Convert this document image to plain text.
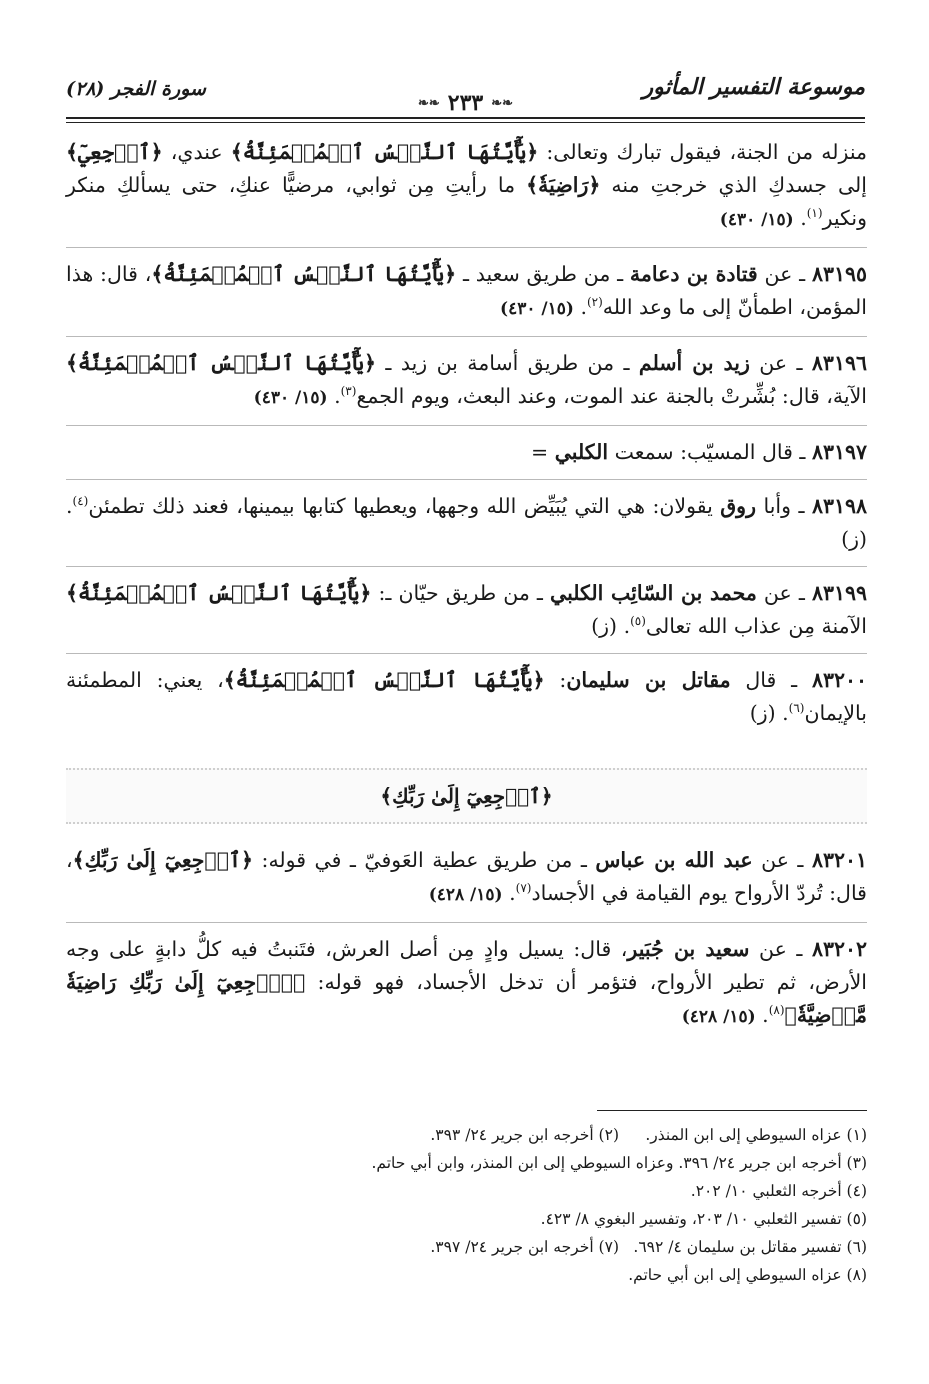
موسوعة التفسير المأثور
❧❧
٢٣٣
❧❧
سورة الفجر (٢٨)

منزله من الجنة، فيقول تبارك وتعالى: ﴿يَٰٓأَيَّتُهَا ٱلنَّفۡسُ ٱلۡمُطۡمَئِنَّةُ﴾ عندي، ﴿ٱرۡجِعِيٓ﴾ إلى جسدكِ الذي خرجتِ منه ﴿رَاضِيَةٗ﴾ ما رأيتِ مِن ثوابي، مرضيًّا عنكِ، حتى يسألكِ منكر ونكير$^{(١)}$. (١٥/ ٤٣٠)

٨٣١٩٥ ـ عن قتادة بن دعامة ـ من طريق سعيد ـ ﴿يَٰٓأَيَّتُهَا ٱلنَّفۡسُ ٱلۡمُطۡمَئِنَّةُ﴾، قال: هذا المؤمن، اطمأنّ إلى ما وعد الله$^{(٢)}$. (١٥/ ٤٣٠)

٨٣١٩٦ ـ عن زيد بن أسلم ـ من طريق أسامة بن زيد ـ ﴿يَٰٓأَيَّتُهَا ٱلنَّفۡسُ ٱلۡمُطۡمَئِنَّةُ﴾ الآية، قال: بُشِّرتْ بالجنة عند الموت، وعند البعث، ويوم الجمع$^{(٣)}$. (١٥/ ٤٣٠)

٨٣١٩٧ ـ قال المسيّب: سمعت الكلبي =

٨٣١٩٨ ـ وأبا روق يقولان: هي التي يُبَيِّض الله وجهها، ويعطيها كتابها بيمينها، فعند ذلك تطمئن$^{(٤)}$. (ز)

٨٣١٩٩ ـ عن محمد بن السّائِب الكلبي ـ من طريق حيّان ـ: ﴿يَٰٓأَيَّتُهَا ٱلنَّفۡسُ ٱلۡمُطۡمَئِنَّةُ﴾ الآمنة مِن عذاب الله تعالى$^{(٥)}$. (ز)

٨٣٢٠٠ ـ قال مقاتل بن سليمان: ﴿يَٰٓأَيَّتُهَا ٱلنَّفۡسُ ٱلۡمُطۡمَئِنَّةُ﴾، يعني: المطمئنة بالإيمان$^{(٦)}$. (ز)

﴿ٱرۡجِعِيٓ إِلَىٰ رَبِّكِ﴾

٨٣٢٠١ ـ عن عبد الله بن عباس ـ من طريق عطية العَوفيّ ـ في قوله: ﴿ٱرۡجِعِيٓ إِلَىٰ رَبِّكِ﴾، قال: تُردّ الأرواح يوم القيامة في الأجساد$^{(٧)}$. (١٥/ ٤٢٨)

٨٣٢٠٢ ـ عن سعيد بن جُبَير، قال: يسيل وادٍ مِن أصل العرش، فتَنبتُ فيه كلُّ دابةٍ على وجه الأرض، ثم تطير الأرواح، فتؤمر أن تدخل الأجساد، فهو قوله: ﴿ٱرۡجِعِيٓ إِلَىٰ رَبِّكِ رَاضِيَةٗ مَّرۡضِيَّةٗ﴾$^{(٨)}$. (١٥/ ٤٢٨)

(١) عزاه السيوطي إلى ابن المنذر.
(٢) أخرجه ابن جرير ٢٤/ ٣٩٣.
(٣) أخرجه ابن جرير ٢٤/ ٣٩٦. وعزاه السيوطي إلى ابن المنذر، وابن أبي حاتم.
(٤) أخرجه الثعلبي ١٠/ ٢٠٢.
(٥) تفسير الثعلبي ١٠/ ٢٠٣، وتفسير البغوي ٨/ ٤٢٣.
(٦) تفسير مقاتل بن سليمان ٤/ ٦٩٢.
(٧) أخرجه ابن جرير ٢٤/ ٣٩٧.
(٨) عزاه السيوطي إلى ابن أبي حاتم.
